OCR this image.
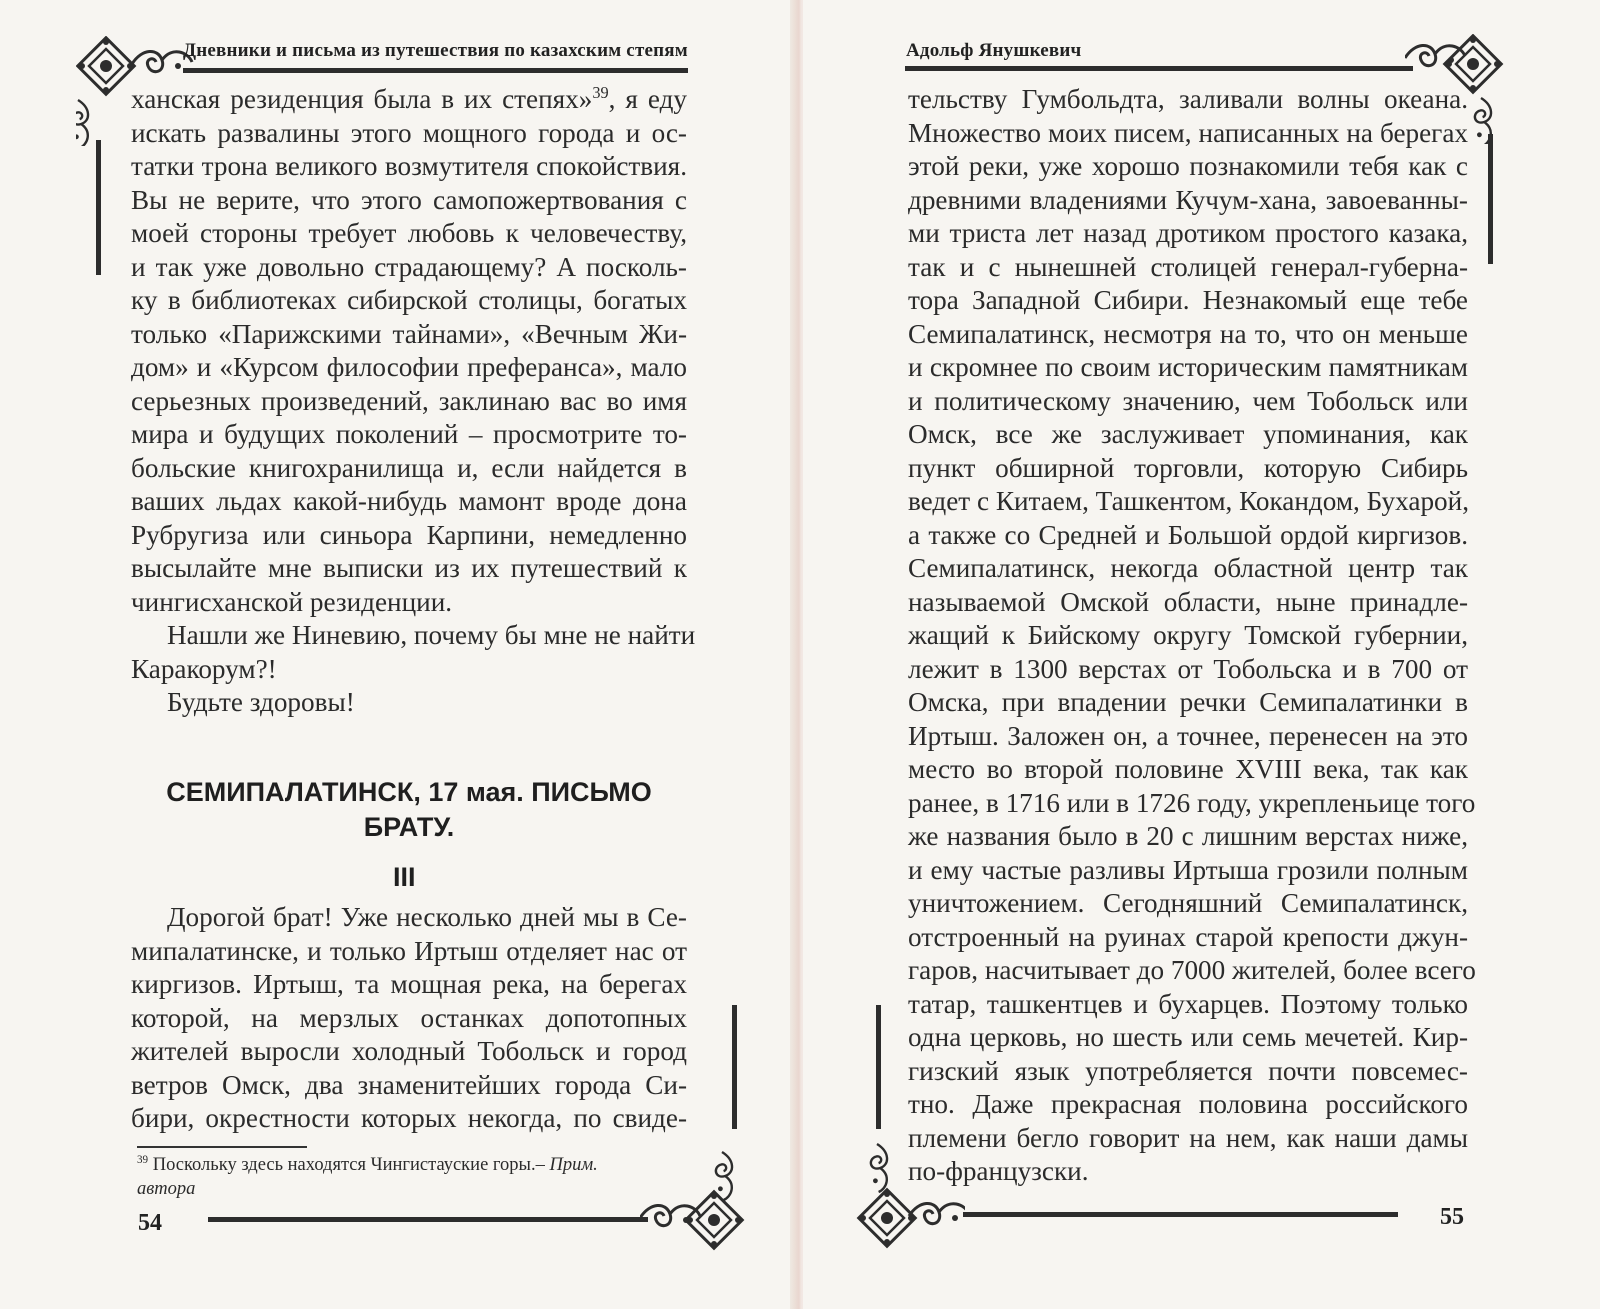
Дневники и письма из путешествия по казахским степям
ханская резиденция была в их степях»$^{39}$, я еду
искать развалины этого мощного города и ос-
татки трона великого возмутителя спокойствия.
Вы не верите, что этого самопожертвования с
моей стороны требует любовь к человечеству,
и так уже довольно страдающему? А посколь-
ку в библиотеках сибирской столицы, богатых
только «Парижскими тайнами», «Вечным Жи-
дом» и «Курсом философии преферанса», мало
серьезных произведений, заклинаю вас во имя
мира и будущих поколений – просмотрите то-
больские книгохранилища и, если найдется в
ваших льдах какой-нибудь мамонт вроде дона
Рубругиза или синьора Карпини, немедленно
высылайте мне выписки из их путешествий к
чингисханской резиденции.
Нашли же Ниневию, почему бы мне не найти
Каракорум?!
Будьте здоровы!
СЕМИПАЛАТИНСК, 17 мая. ПИСЬМО
БРАТУ.
III
Дорогой брат! Уже несколько дней мы в Се-
мипалатинске, и только Иртыш отделяет нас от
киргизов. Иртыш, та мощная река, на берегах
которой, на мерзлых останках допотопных
жителей выросли холодный Тобольск и город
ветров Омск, два знаменитейших города Си-
бири, окрестности которых некогда, по свиде-
$^{39}$ Поскольку здесь находятся Чингистауские горы.– Прим.
автора
54
Адольф Янушкевич
тельству Гумбольдта, заливали волны океана.
Множество моих писем, написанных на берегах
этой реки, уже хорошо познакомили тебя как с
древними владениями Кучум-хана, завоеванны-
ми триста лет назад дротиком простого казака,
так и с нынешней столицей генерал-губерна-
тора Западной Сибири. Незнакомый еще тебе
Семипалатинск, несмотря на то, что он меньше
и скромнее по своим историческим памятникам
и политическому значению, чем Тобольск или
Омск, все же заслуживает упоминания, как
пункт обширной торговли, которую Сибирь
ведет с Китаем, Ташкентом, Кокандом, Бухарой,
а также со Средней и Большой ордой киргизов.
Семипалатинск, некогда областной центр так
называемой Омской области, ныне принадле-
жащий к Бийскому округу Томской губернии,
лежит в 1300 верстах от Тобольска и в 700 от
Омска, при впадении речки Семипалатинки в
Иртыш. Заложен он, а точнее, перенесен на это
место во второй половине XVIII века, так как
ранее, в 1716 или в 1726 году, укрепленьице того
же названия было в 20 с лишним верстах ниже,
и ему частые разливы Иртыша грозили полным
уничтожением. Сегодняшний Семипалатинск,
отстроенный на руинах старой крепости джун-
гаров, насчитывает до 7000 жителей, более всего
татар, ташкентцев и бухарцев. Поэтому только
одна церковь, но шесть или семь мечетей. Кир-
гизский язык употребляется почти повсемес-
тно. Даже прекрасная половина российского
племени бегло говорит на нем, как наши дамы
по-французски.
55
